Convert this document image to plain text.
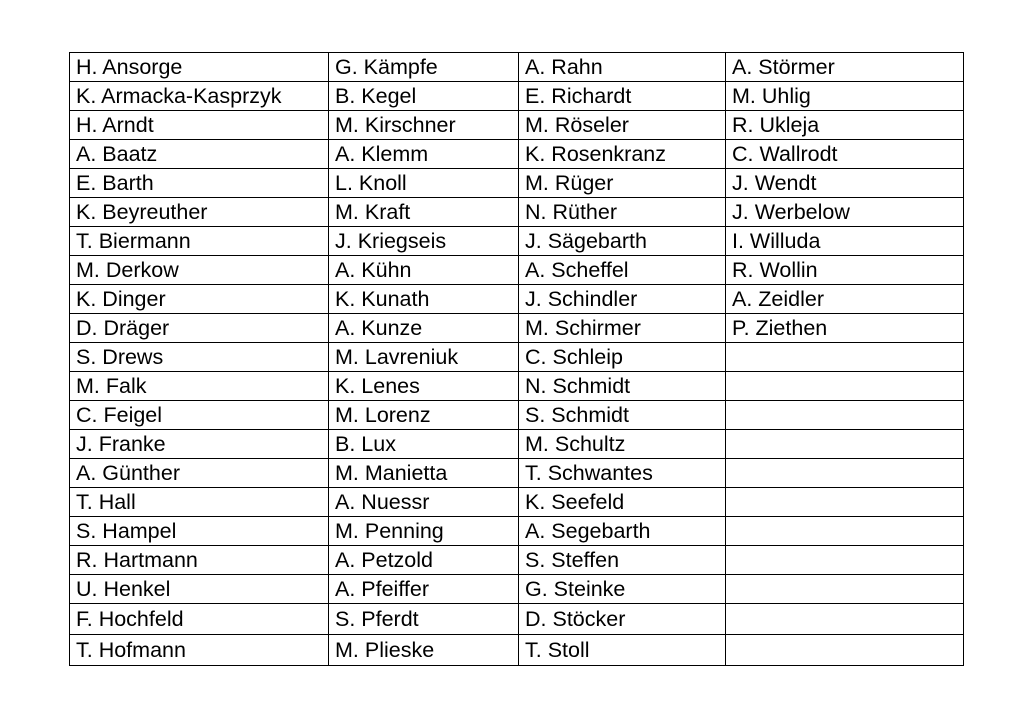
H. Ansorge	G. Kämpfe	A. Rahn	A. Störmer
K. Armacka-Kasprzyk	B. Kegel	E. Richardt	M. Uhlig
H. Arndt	M. Kirschner	M. Röseler	R. Ukleja
A. Baatz	A. Klemm	K. Rosenkranz	C. Wallrodt
E. Barth	L. Knoll	M. Rüger	J. Wendt
K. Beyreuther	M. Kraft	N. Rüther	J. Werbelow
T. Biermann	J. Kriegseis	J. Sägebarth	I. Willuda
M. Derkow	A. Kühn	A. Scheffel	R. Wollin
K. Dinger	K. Kunath	J. Schindler	A. Zeidler
D. Dräger	A. Kunze	M. Schirmer	P. Ziethen
S. Drews	M. Lavreniuk	C. Schleip	
M. Falk	K. Lenes	N. Schmidt	
C. Feigel	M. Lorenz	S. Schmidt	
J. Franke	B. Lux	M. Schultz	
A. Günther	M. Manietta	T. Schwantes	
T. Hall	A. Nuessr	K. Seefeld	
S. Hampel	M. Penning	A. Segebarth	
R. Hartmann	A. Petzold	S. Steffen	
U. Henkel	A. Pfeiffer	G. Steinke	
F. Hochfeld	S. Pferdt	D. Stöcker	
T. Hofmann	M. Plieske	T. Stoll	
